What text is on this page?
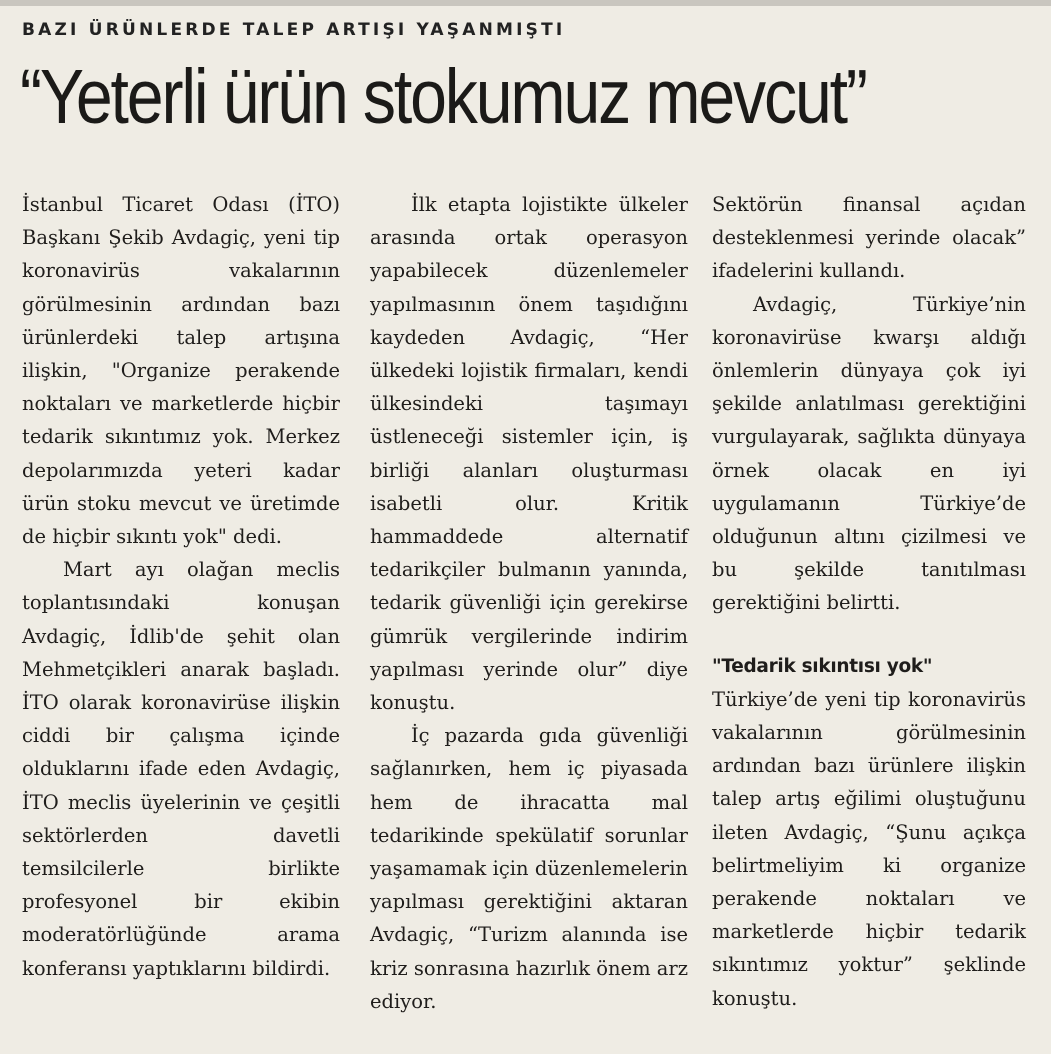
BAZI ÜRÜNLERDE TALEP ARTIŞI YAŞANMIŞTI
“Yeterli ürün stokumuz mevcut”

İstanbul Ticaret Odası (İTO) Başkanı Şekib Avdagiç, yeni tip koronavirüs vakalarının görülmesinin ardından bazı ürünlerdeki talep artışına ilişkin, "Organize perakende noktaları ve marketlerde hiçbir tedarik sıkıntımız yok. Merkez depolarımızda yeteri kadar ürün stoku mevcut ve üretimde de hiçbir sıkıntı yok" dedi.

Mart ayı olağan meclis toplantısındaki konuşan Avdagiç, İdlib'de şehit olan Mehmetçikleri anarak başladı. İTO olarak koronavirüse ilişkin ciddi bir çalışma içinde olduklarını ifade eden Avdagiç, İTO meclis üyelerinin ve çeşitli sektörlerden davetli temsilcilerle birlikte profesyonel bir ekibin moderatörlüğünde arama konferansı yaptıklarını bildirdi.

İlk etapta lojistikte ülkeler arasında ortak operasyon yapabilecek düzenlemeler yapılmasının önem taşıdığını kaydeden Avdagiç, “Her ülkedeki lojistik firmaları, kendi ülkesindeki taşımayı üstleneceği sistemler için, iş birliği alanları oluşturması isabetli olur. Kritik hammaddede alternatif tedarikçiler bulmanın yanında, tedarik güvenliği için gerekirse gümrük vergilerinde indirim yapılması yerinde olur” diye konuştu.

İç pazarda gıda güvenliği sağlanırken, hem iç piyasada hem de ihracatta mal tedarikinde spekülatif sorunlar yaşamamak için düzenlemelerin yapılması gerektiğini aktaran Avdagiç, “Turizm alanında ise kriz sonrasına hazırlık önem arz ediyor.

Sektörün finansal açıdan desteklenmesi yerinde olacak” ifadelerini kullandı.

Avdagiç, Türkiye’nin koronavirüse kwarşı aldığı önlemlerin dünyaya çok iyi şekilde anlatılması gerektiğini vurgulayarak, sağlıkta dünyaya örnek olacak en iyi uygulamanın Türkiye’de olduğunun altını çizilmesi ve bu şekilde tanıtılması gerektiğini belirtti.

"Tedarik sıkıntısı yok"

Türkiye’de yeni tip koronavirüs vakalarının görülmesinin ardından bazı ürünlere ilişkin talep artış eğilimi oluştuğunu ileten Avdagiç, “Şunu açıkça belirtmeliyim ki organize perakende noktaları ve marketlerde hiçbir tedarik sıkıntımız yoktur” şeklinde konuştu.
